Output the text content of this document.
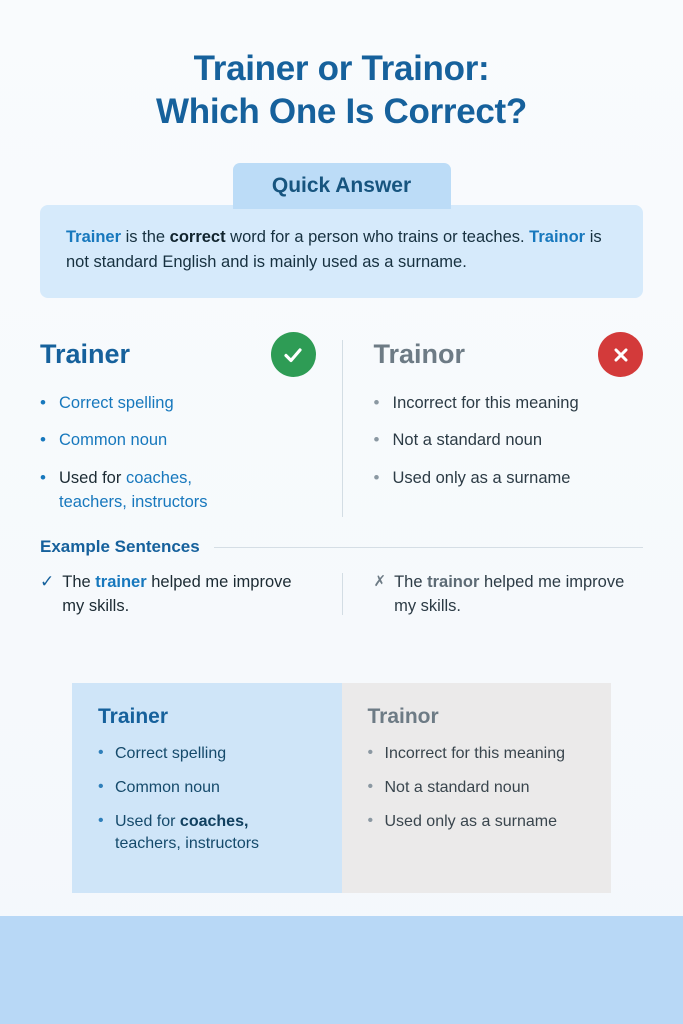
Trainer or Trainor:
Which One Is Correct?
Quick Answer
Trainer is the correct word for a person who trains or teaches. Trainor is not standard English and is mainly used as a surname.
Trainer
• Correct spelling
• Common noun
• Used for coaches,
teachers, instructors
Trainor
• Incorrect for this meaning
• Not a standard noun
• Used only as a surname
Example Sentences
✓ The trainer helped me improve my skills.
✗ The trainor helped me improve my skills.
Trainer
• Correct spelling
• Common noun
• Used for coaches,
teachers, instructors
Trainor
• Incorrect for this meaning
• Not a standard noun
• Used only as a surname
